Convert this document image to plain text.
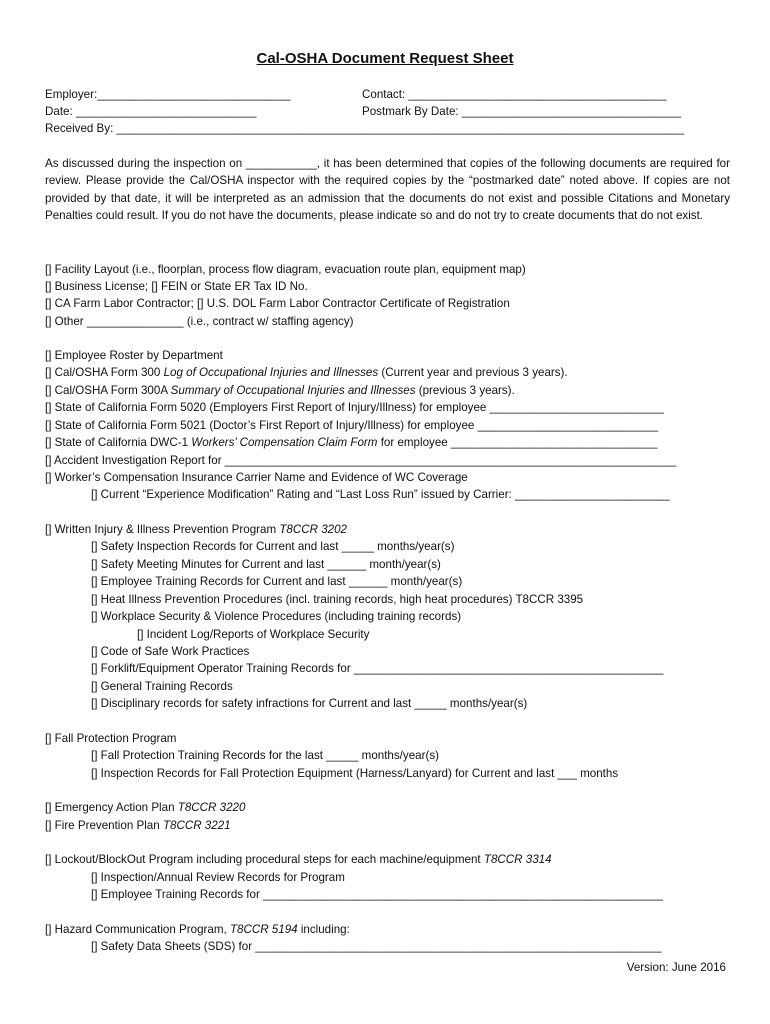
Cal-OSHA Document Request Sheet
Employer:______________________________
Date: ____________________________
Received By: ________________________________________________________________________________________
Contact: ________________________________________
Postmark By Date: __________________________________
As discussed during the inspection on ___________, it has been determined that copies of the following documents are required for review. Please provide the Cal/OSHA inspector with the required copies by the “postmarked date” noted above. If copies are not provided by that date, it will be interpreted as an admission that the documents do not exist and possible Citations and Monetary Penalties could result. If you do not have the documents, please indicate so and do not try to create documents that do not exist.
[] Facility Layout (i.e., floorplan, process flow diagram, evacuation route plan, equipment map)
[] Business License; [] FEIN or State ER Tax ID No.
[] CA Farm Labor Contractor; [] U.S. DOL Farm Labor Contractor Certificate of Registration
[] Other _______________ (i.e., contract w/ staffing agency)
[] Employee Roster by Department
[] Cal/OSHA Form 300 Log of Occupational Injuries and Illnesses (Current year and previous 3 years).
[] Cal/OSHA Form 300A Summary of Occupational Injuries and Illnesses (previous 3 years).
[] State of California Form 5020 (Employers First Report of Injury/Illness) for employee ___________________________
[] State of California Form 5021 (Doctor’s First Report of Injury/Illness) for employee ____________________________
[] State of California DWC-1 Workers’ Compensation Claim Form for employee ________________________________
[] Accident Investigation Report for ______________________________________________________________________
[] Worker’s Compensation Insurance Carrier Name and Evidence of WC Coverage
[] Current “Experience Modification” Rating and “Last Loss Run” issued by Carrier: ________________________
[] Written Injury & Illness Prevention Program T8CCR 3202
[] Safety Inspection Records for Current and last _____ months/year(s)
[] Safety Meeting Minutes for Current and last ______ month/year(s)
[] Employee Training Records for Current and last ______ month/year(s)
[] Heat Illness Prevention Procedures (incl. training records, high heat procedures) T8CCR 3395
[] Workplace Security & Violence Procedures (including training records)
[] Incident Log/Reports of Workplace Security
[] Code of Safe Work Practices
[] Forklift/Equipment Operator Training Records for ________________________________________________
[] General Training Records
[] Disciplinary records for safety infractions for Current and last _____ months/year(s)
[] Fall Protection Program
[] Fall Protection Training Records for the last _____ months/year(s)
[] Inspection Records for Fall Protection Equipment (Harness/Lanyard) for Current and last ___ months
[] Emergency Action Plan T8CCR 3220
[] Fire Prevention Plan T8CCR 3221
[] Lockout/BlockOut Program including procedural steps for each machine/equipment T8CCR 3314
[] Inspection/Annual Review Records for Program
[] Employee Training Records for ______________________________________________________________
[] Hazard Communication Program, T8CCR 5194 including:
[] Safety Data Sheets (SDS) for _______________________________________________________________
Version: June 2016
